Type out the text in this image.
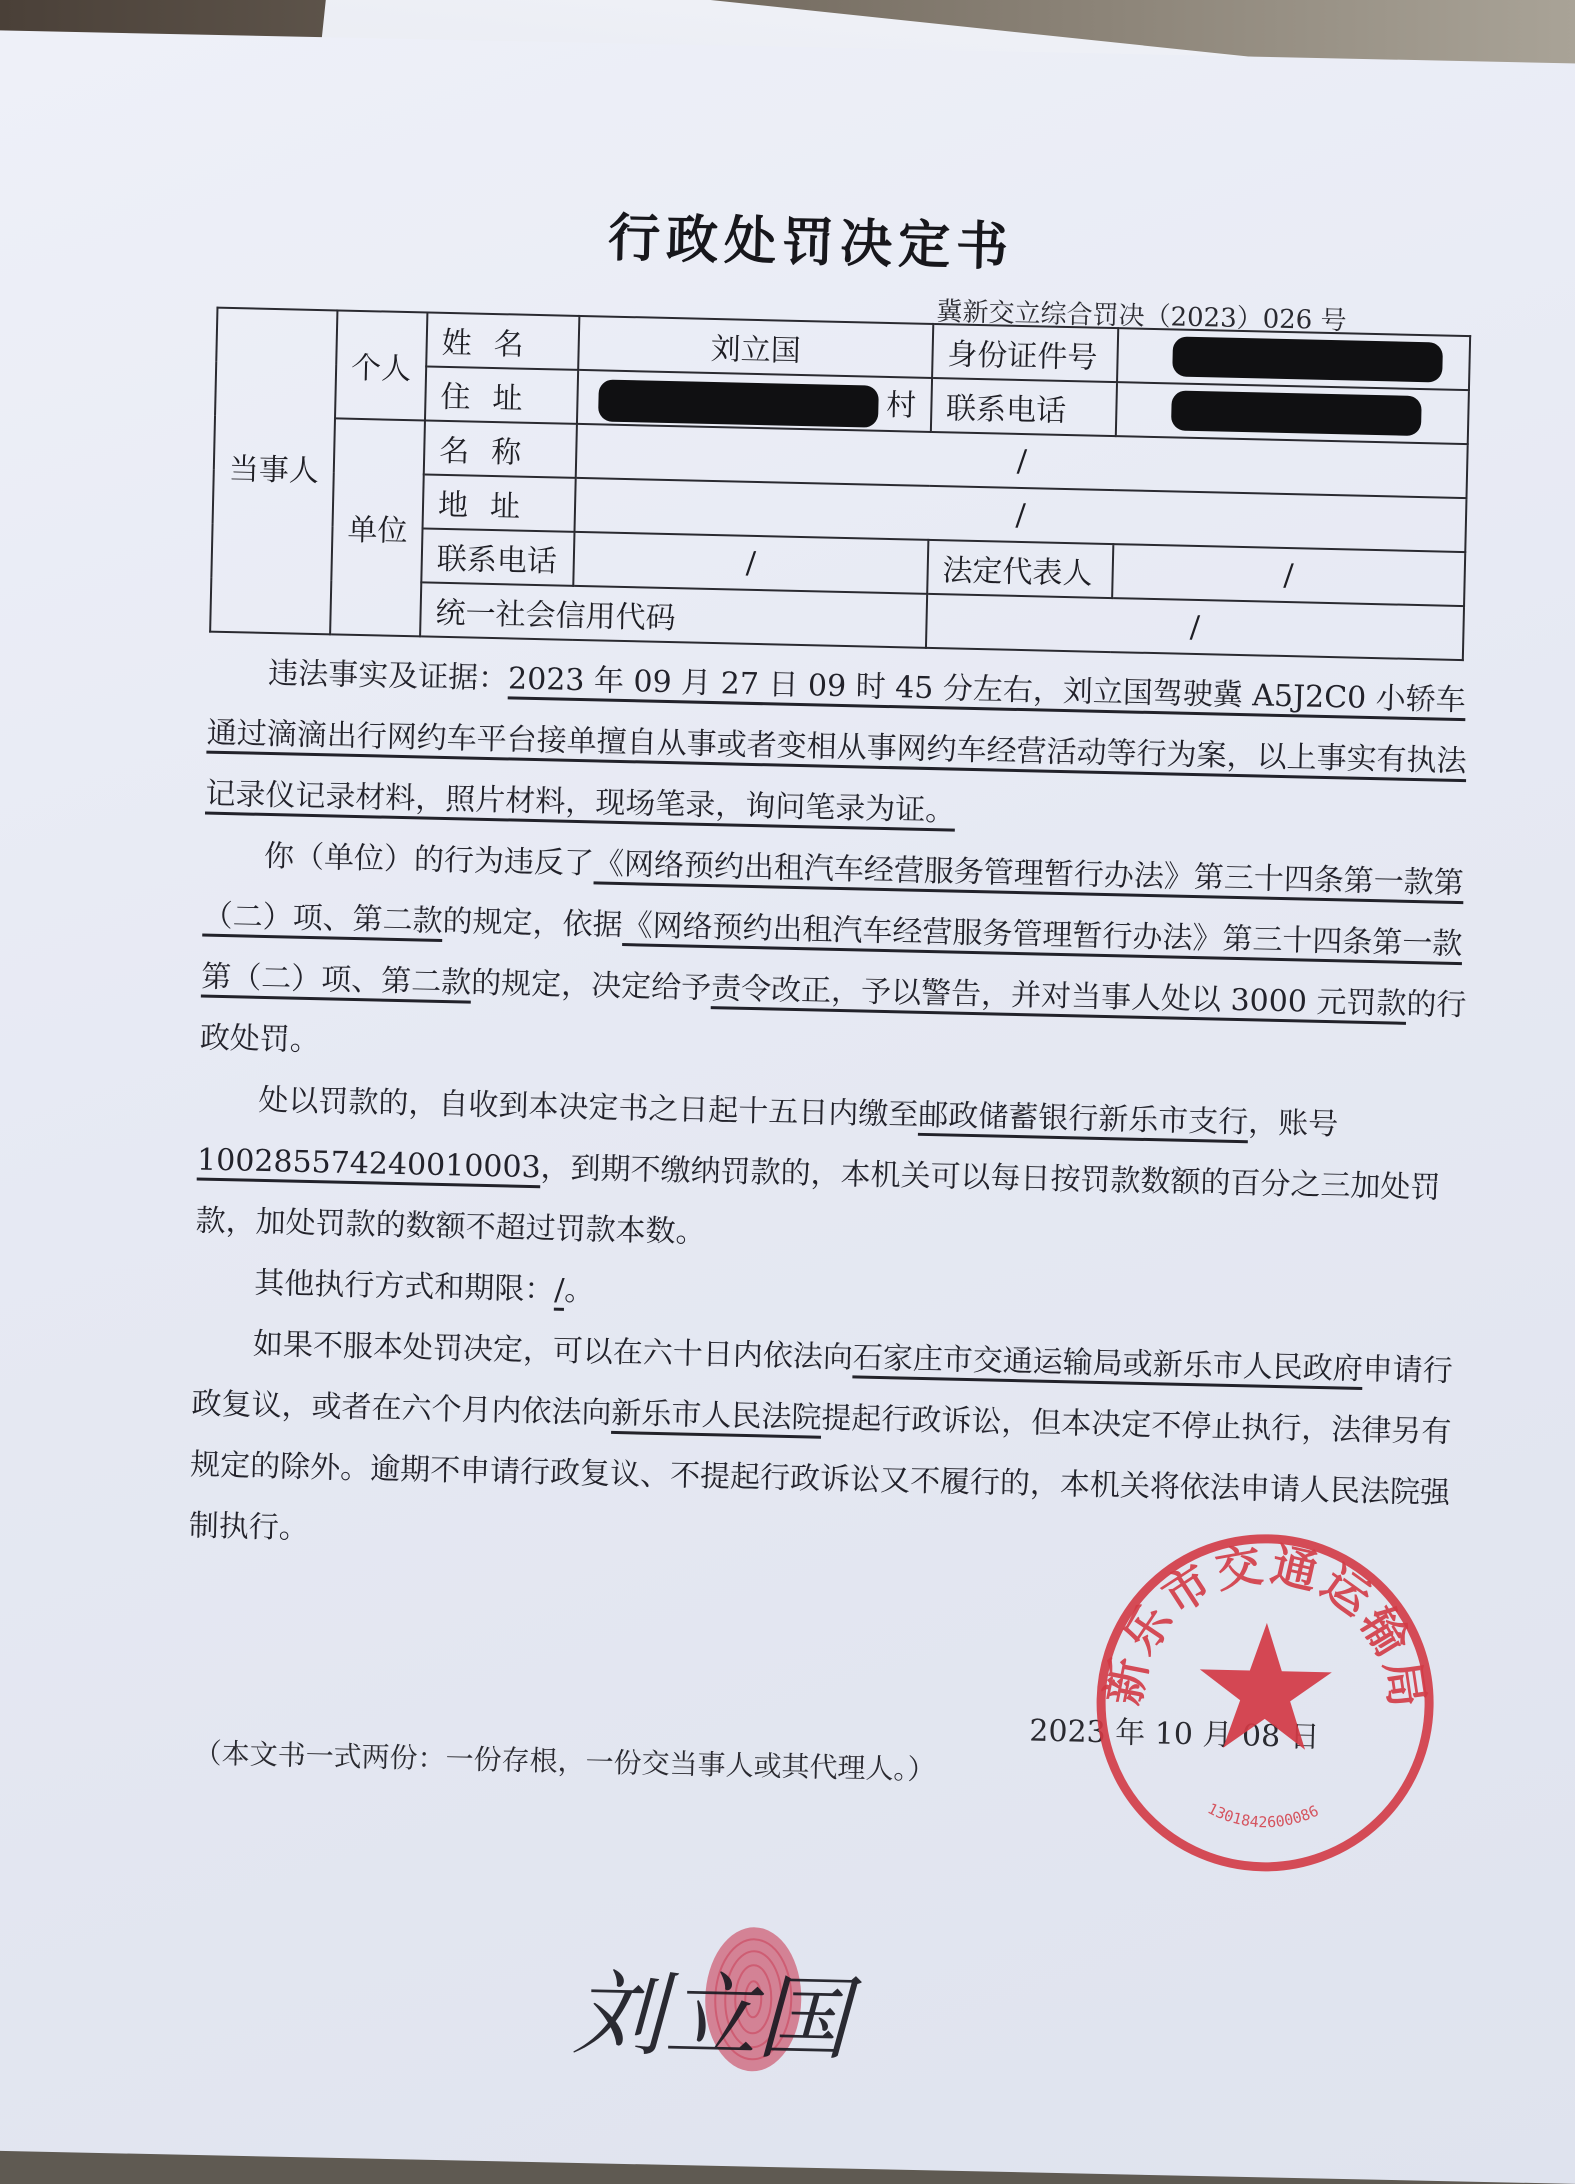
行政处罚决定书
冀新交立综合罚决（2023）026 号
当事人	个人	姓名	刘立国	身份证件号	
		住址	村	联系电话	
	单位	名称	/		
		地址	/		
		联系电话	/	法定代表人	/
		统一社会信用代码		/	

违法事实及证据：2023 年 09 月 27 日 09 时 45 分左右，刘立国驾驶冀 A5J2C0 小轿车通过滴滴出行网约车平台接单擅自从事或者变相从事网约车经营活动等行为案，以上事实有执法记录仪记录材料，照片材料，现场笔录，询问笔录为证。

你（单位）的行为违反了《网络预约出租汽车经营服务管理暂行办法》第三十四条第一款第（二）项、第二款的规定，依据《网络预约出租汽车经营服务管理暂行办法》第三十四条第一款第（二）项、第二款的规定，决定给予责令改正，予以警告，并对当事人处以 3000 元罚款的行政处罚。

处以罚款的，自收到本决定书之日起十五日内缴至邮政储蓄银行新乐市支行，账号100285574240010003，到期不缴纳罚款的，本机关可以每日按罚款数额的百分之三加处罚款，加处罚款的数额不超过罚款本数。

其他执行方式和期限：/。

如果不服本处罚决定，可以在六十日内依法向石家庄市交通运输局或新乐市人民政府申请行政复议，或者在六个月内依法向新乐市人民法院提起行政诉讼，但本决定不停止执行，法律另有规定的除外。逾期不申请行政复议、不提起行政诉讼又不履行的，本机关将依法申请人民法院强制执行。

2023 年 10 月 08 日
（本文书一式两份：一份存根，一份交当事人或其代理人。）
新乐市交通运输局
1301842600086
刘立国
